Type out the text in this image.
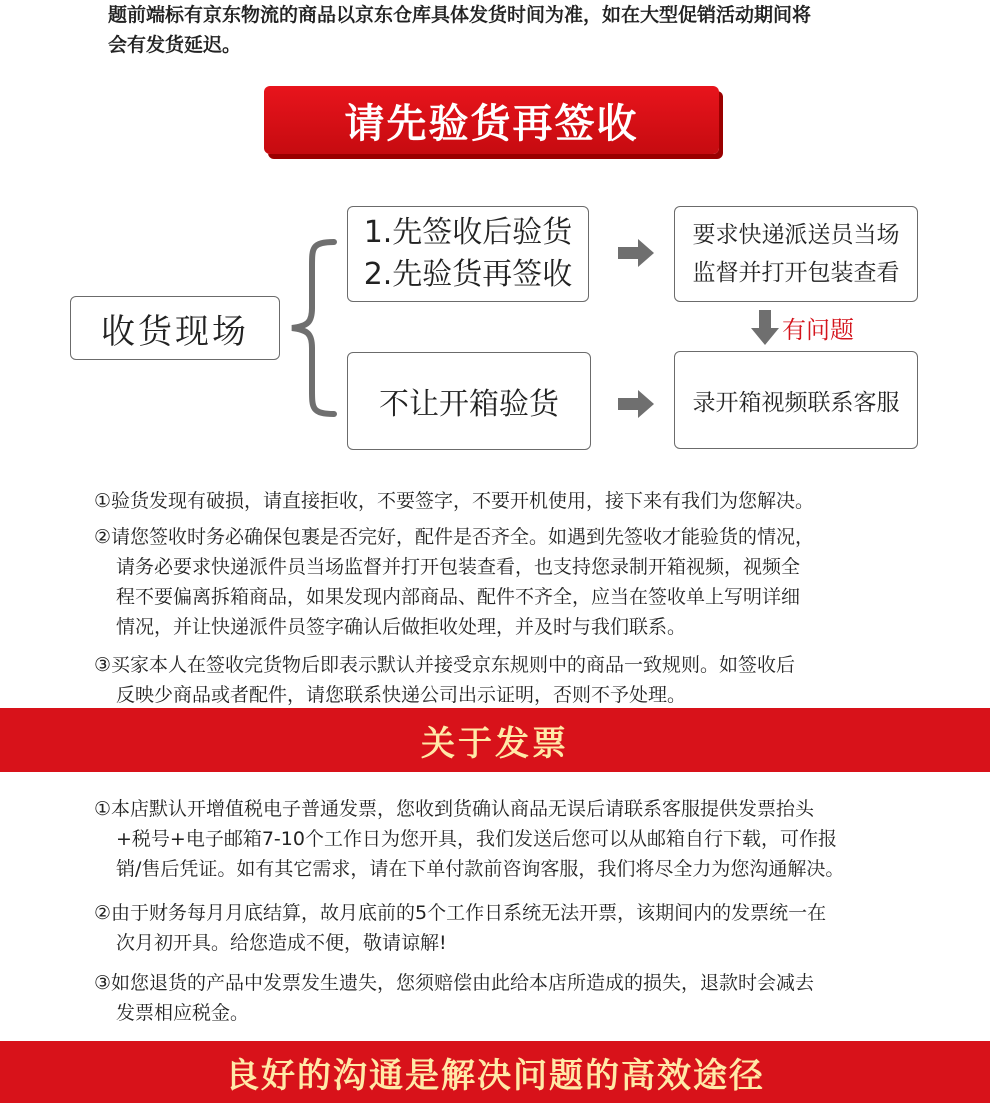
题前端标有京东物流的商品以京东仓库具体发货时间为准，如在大型促销活动期间将
会有发货延迟。
请先验货再签收
收货现场
1.先签收后验货
2.先验货再签收
不让开箱验货
要求快递派送员当场
监督并打开包装查看
有问题
录开箱视频联系客服

①验货发现有破损，请直接拒收，不要签字，不要开机使用，接下来有我们为您解决。

②请您签收时务必确保包裹是否完好，配件是否齐全。如遇到先签收才能验货的情况，

请务必要求快递派件员当场监督并打开包装查看，也支持您录制开箱视频，视频全

程不要偏离拆箱商品，如果发现内部商品、配件不齐全，应当在签收单上写明详细

情况，并让快递派件员签字确认后做拒收处理，并及时与我们联系。

③买家本人在签收完货物后即表示默认并接受京东规则中的商品一致规则。如签收后

反映少商品或者配件，请您联系快递公司出示证明，否则不予处理。

关于发票

①本店默认开增值税电子普通发票，您收到货确认商品无误后请联系客服提供发票抬头

+税号+电子邮箱7-10个工作日为您开具，我们发送后您可以从邮箱自行下载，可作报

销/售后凭证。如有其它需求，请在下单付款前咨询客服，我们将尽全力为您沟通解决。

②由于财务每月月底结算，故月底前的5个工作日系统无法开票，该期间内的发票统一在

次月初开具。给您造成不便，敬请谅解!

③如您退货的产品中发票发生遗失，您须赔偿由此给本店所造成的损失，退款时会减去

发票相应税金。

良好的沟通是解决问题的高效途径
